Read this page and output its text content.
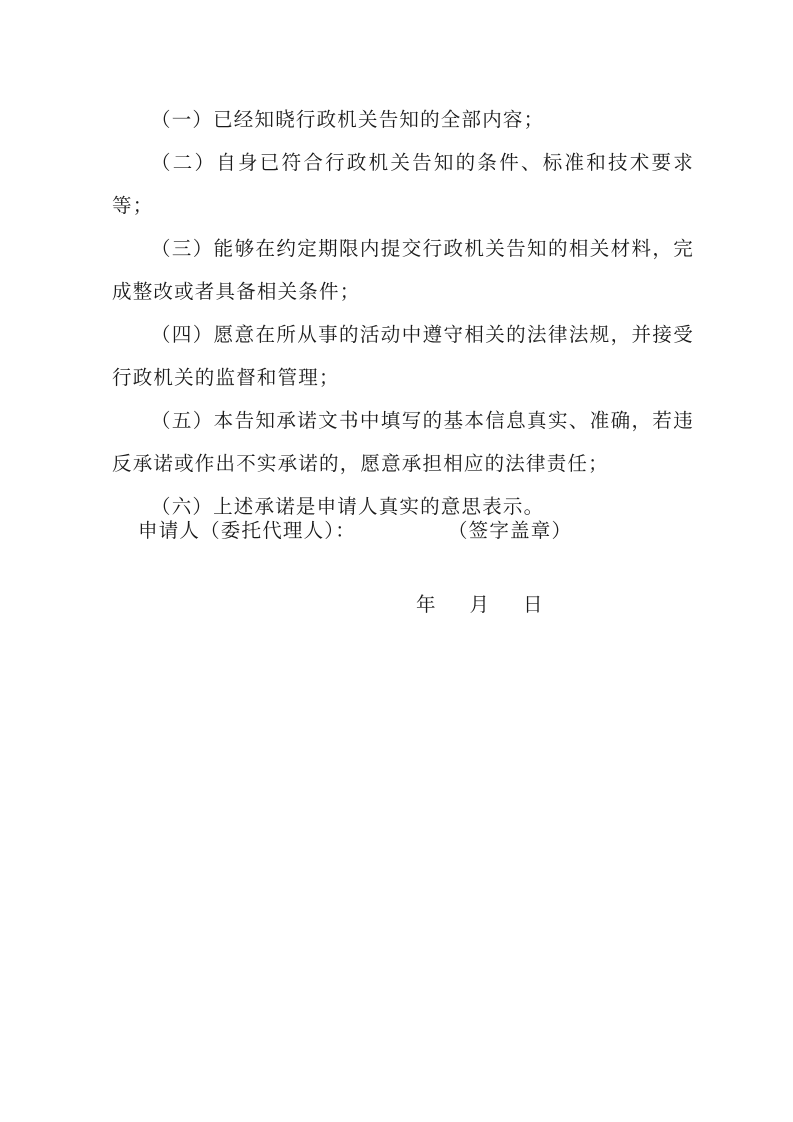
（一）已经知晓行政机关告知的全部内容；
（二）自身已符合行政机关告知的条件、标准和技术要求等；
（三）能够在约定期限内提交行政机关告知的相关材料，完成整改或者具备相关条件；
（四）愿意在所从事的活动中遵守相关的法律法规，并接受行政机关的监督和管理；
（五）本告知承诺文书中填写的基本信息真实、准确，若违反承诺或作出不实承诺的，愿意承担相应的法律责任；
（六）上述承诺是申请人真实的意思表示。
申请人（委托代理人）：	（签字盖章）
年 月 日
